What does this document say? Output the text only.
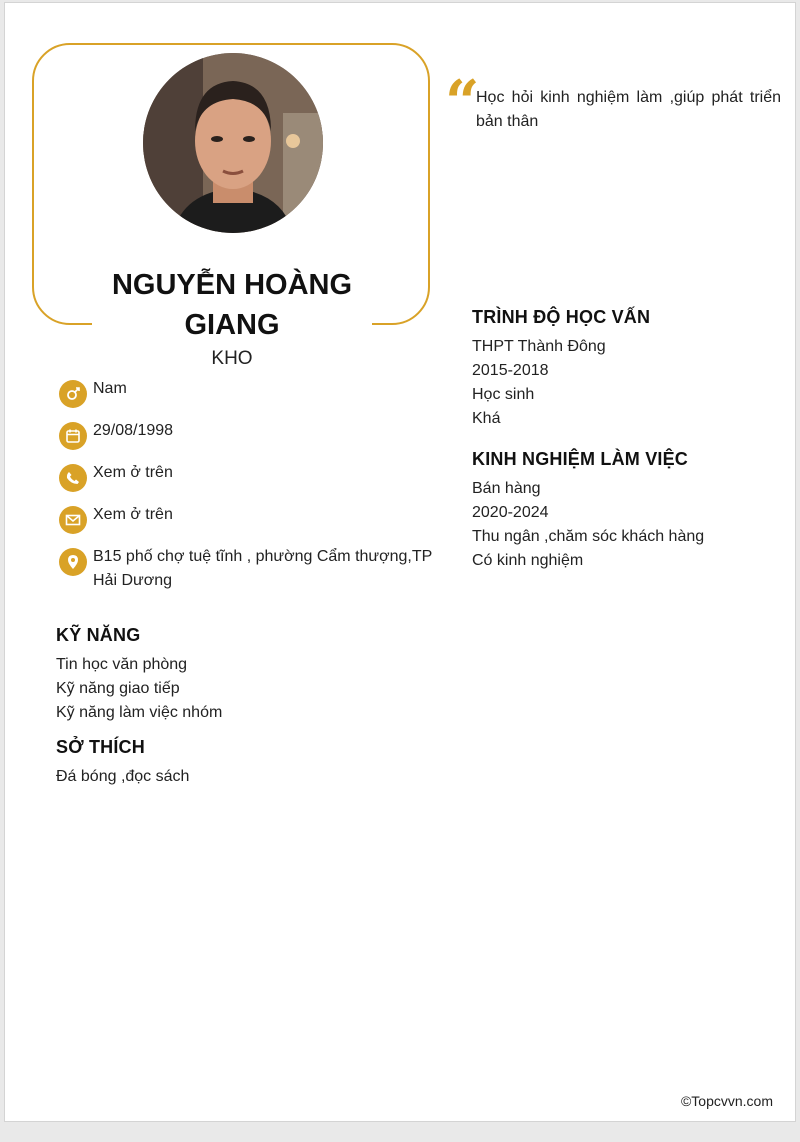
NGUYỄN HOÀNG GIANG
KHO
Nam
29/08/1998
Xem ở trên
Xem ở trên
B15 phố chợ tuệ tĩnh , phường Cẩm thượng,TP Hải Dương
KỸ NĂNG
Tin học văn phòng
Kỹ năng giao tiếp
Kỹ năng làm việc nhóm
SỞ THÍCH
Đá bóng ,đọc sách
“
Học hỏi kinh nghiệm làm ,giúp phát triển bản thân
TRÌNH ĐỘ HỌC VẤN
THPT Thành Đông
2015-2018
Học sinh
Khá
KINH NGHIỆM LÀM VIỆC
Bán hàng
2020-2024
Thu ngân ,chăm sóc khách hàng
Có kinh nghiệm
©Topcvvn.com
